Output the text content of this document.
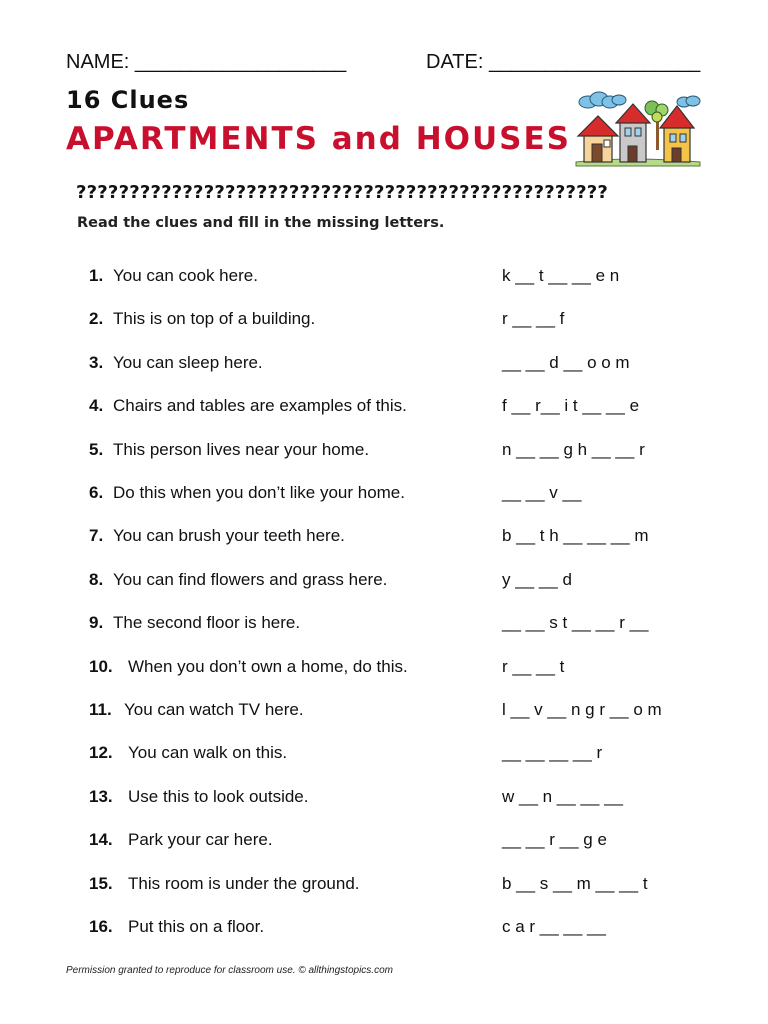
NAME: ___________________	DATE: ___________________
16 Clues
APARTMENTS and HOUSES
??????????????????????????????????????????????????
Read the clues and fill in the missing letters.
1. You can cook here.	k __ t __ __ e n
2. This is on top of a building.	r __ __ f
3. You can sleep here.	__ __ d __ o o m
4. Chairs and tables are examples of this.	f __ r__ i t __ __ e
5. This person lives near your home.	n __ __ g h __ __ r
6. Do this when you don’t like your home.	__ __ v __
7. You can brush your teeth here.	b __ t h __ __ __ m
8. You can find flowers and grass here.	y __ __ d
9. The second floor is here.	__ __ s t __ __ r __
10. When you don’t own a home, do this.	r __ __ t
11. You can watch TV here.	l __ v __ n g r __ o m
12. You can walk on this.	__ __ __ __ r
13. Use this to look outside.	w __ n __ __ __
14. Park your car here.	__ __ r __ g e
15. This room is under the ground.	b __ s __ m __ __ t
16. Put this on a floor.	c a r __ __ __
Permission granted to reproduce for classroom use. © allthingstopics.com
